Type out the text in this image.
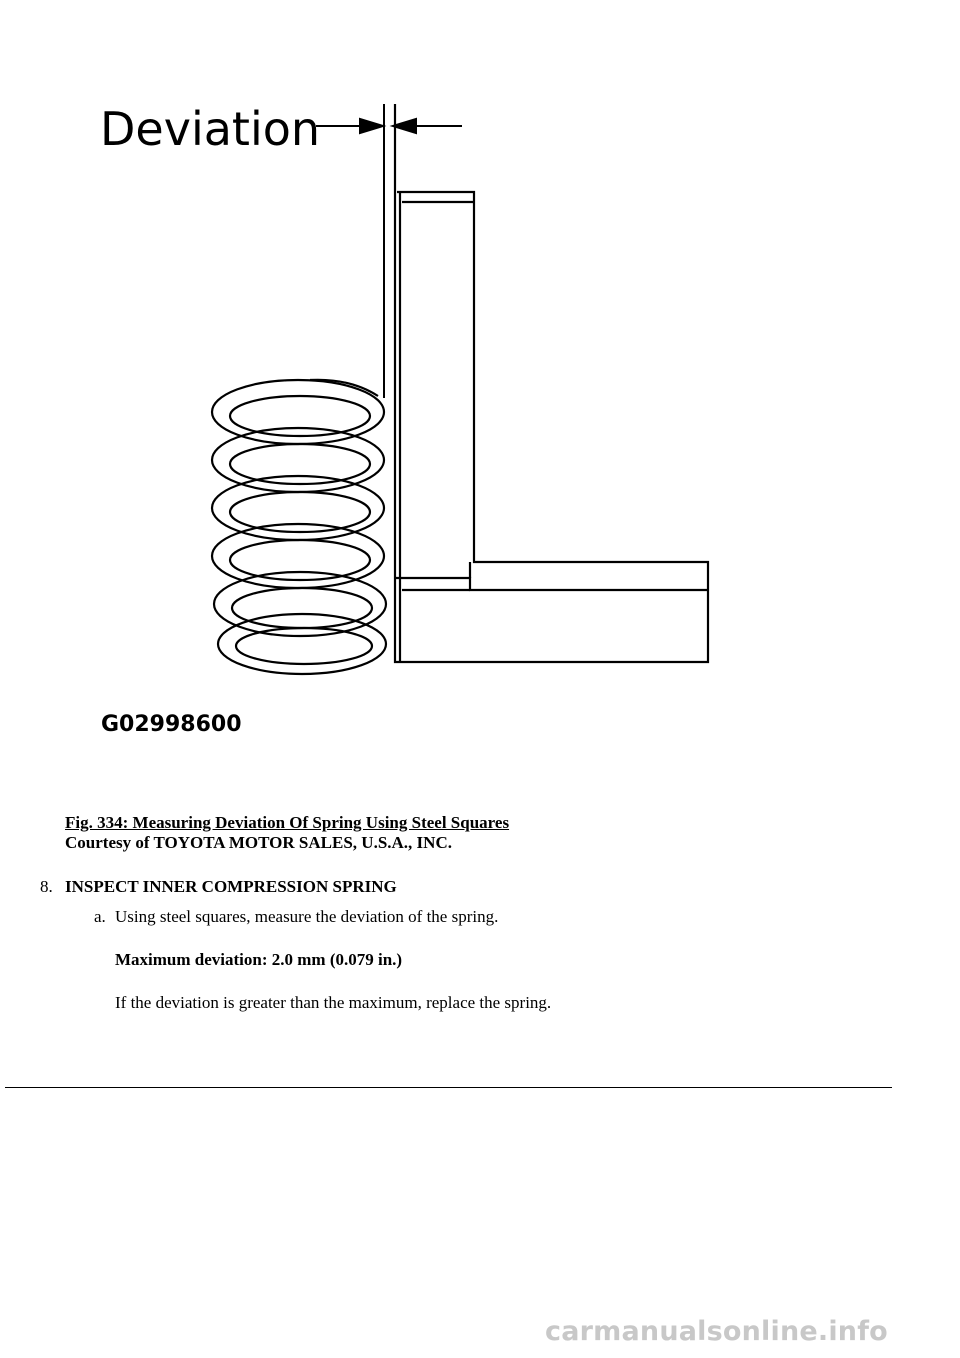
Deviation
G02998600
Fig. 334: Measuring Deviation Of Spring Using Steel Squares
Courtesy of TOYOTA MOTOR SALES, U.S.A., INC.
8. INSPECT INNER COMPRESSION SPRING
a. Using steel squares, measure the deviation of the spring.
Maximum deviation: 2.0 mm (0.079 in.)
If the deviation is greater than the maximum, replace the spring.
carmanualsonline.info
